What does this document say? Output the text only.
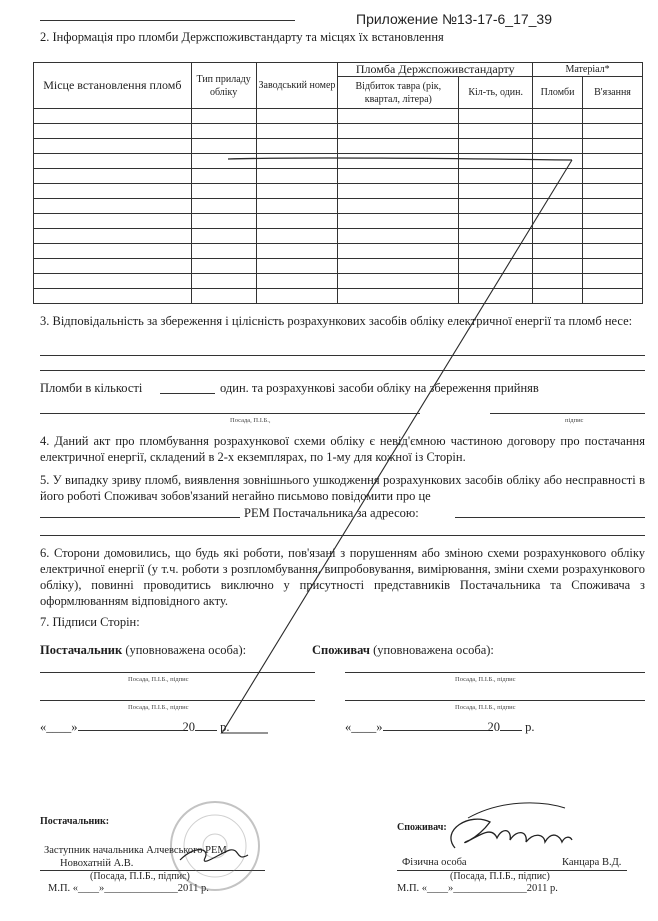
Приложение №13-17-6_17_39
2. Інформація про пломби Держспоживстандарту та місцях їх встановлення
Місце встановлення пломб	Тип приладу обліку	Заводський номер	Пломба Держспоживстандарту		Матеріал*	
			Відбиток тавра (рік, квартал, літера)	Кіл-ть, один.	Пломби	В'язання

3. Відповідальність за збереження і цілісність розрахункових засобів обліку електричної енергії та пломб несе:
Пломби в кількості	один. та розрахункові засоби обліку на збереження прийняв
Посада, П.І.Б.,	підпис
4. Даний акт про пломбування розрахункової схеми обліку є невід'ємною частиною договору про постачання електричної енергії, складений в 2-х екземплярах, по 1-му для кожної із Сторін.
5. У випадку зриву пломб, виявлення зовнішнього ушкодження розрахункових засобів обліку або несправності в його роботі Споживач зобов'язаний негайно письмово повідомити про це
РЕМ Постачальника за адресою:
6. Сторони домовились, що будь які роботи, пов'язані з порушенням або зміною схеми розрахункового обліку електричної енергії (у т.ч. роботи з розпломбування, випробовування, вимірювання, зміни схеми розрахункового обліку), повинні проводитись виключно у присутності представників Постачальника та Споживача з оформлюванням відповідного акту.
7. Підписи Сторін:
Постачальник (уповноважена особа):	Споживач (уповноважена особа):
Посада, П.І.Б., підпис
Посада, П.І.Б., підпис
Посада, П.І.Б., підпис
Посада, П.І.Б., підпис
«____»	20 р.	«____»	20 р.
Постачальник:
Заступник начальника Алчевського РЕМ
Новохатній А.В.
(Посада, П.І.Б., підпис)
М.П. «____»______________2011 р.
Споживач:
Фізична особа	Канцара В.Д.
(Посада, П.І.Б., підпис)
М.П. «____»______________2011 р.
